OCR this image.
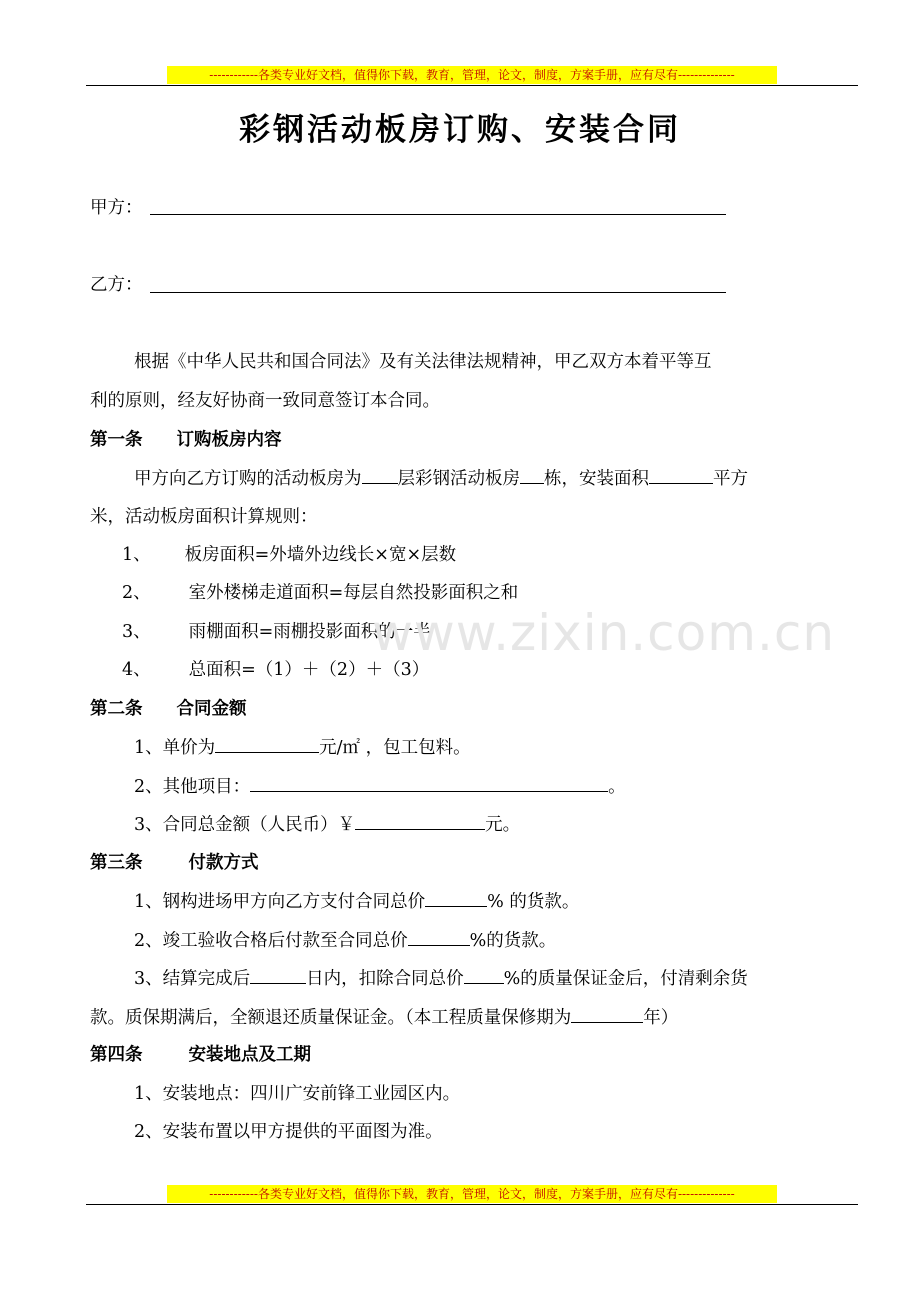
------------各类专业好文档，值得你下载，教育，管理，论文，制度，方案手册，应有尽有--------------
彩钢活动板房订购、安装合同
甲方：
乙方：
根据《中华人民共和国合同法》及有关法律法规精神，甲乙双方本着平等互
利的原则，经友好协商一致同意签订本合同。
第一条 订购板房内容
甲方向乙方订购的活动板房为 层彩钢活动板房 栋，安装面积	平方
米，活动板房面积计算规则：
1、 板房面积=外墙外边线长×宽×层数
2、 室外楼梯走道面积=每层自然投影面积之和
3、 雨棚面积=雨棚投影面积的一半
4、 总面积=（1）＋（2）＋（3）
第二条 合同金额
1、单价为	元/㎡ ，包工包料。
2、其他项目：	。
3、合同总金额（人民币）￥	元。
第三条	付款方式
1、钢构进场甲方向乙方支付合同总价	% 的货款。
2、竣工验收合格后付款至合同总价	%的货款。
3、结算完成后	日内，扣除合同总价 %的质量保证金后，付清剩余货
款。质保期满后，全额退还质量保证金。（本工程质量保修期为	年）
第四条	安装地点及工期
1、安装地点：四川广安前锋工业园区内。
2、安装布置以甲方提供的平面图为准。
www.zixin.com.cn
------------各类专业好文档，值得你下载，教育，管理，论文，制度，方案手册，应有尽有--------------
